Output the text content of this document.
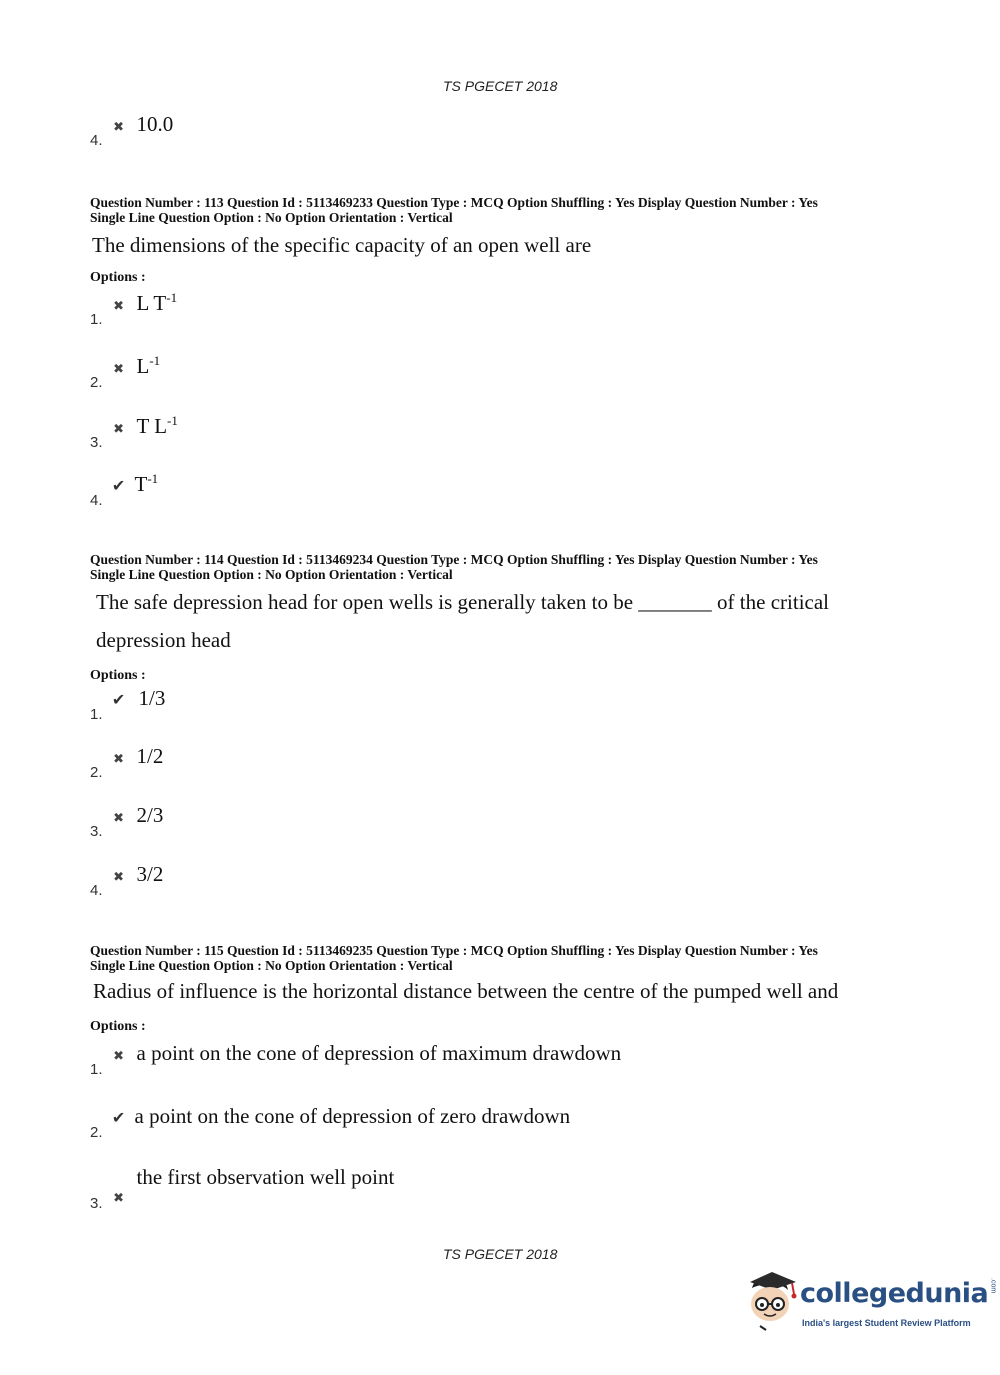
TS PGECET 2018
4. ✖ 10.0
Question Number : 113 Question Id : 5113469233 Question Type : MCQ Option Shuffling : Yes Display Question Number : Yes
Single Line Question Option : No Option Orientation : Vertical
The dimensions of the specific capacity of an open well are
Options :
1. ✖ L $T^{-1}$
2. ✖ $L^{-1}$
3. ✖ T $L^{-1}$
4. ✔ $T^{-1}$
Question Number : 114 Question Id : 5113469234 Question Type : MCQ Option Shuffling : Yes Display Question Number : Yes
Single Line Question Option : No Option Orientation : Vertical
The safe depression head for open wells is generally taken to be _______ of the critical
depression head
Options :
1. ✔ 1/3
2. ✖ 1/2
3. ✖ 2/3
4. ✖ 3/2
Question Number : 115 Question Id : 5113469235 Question Type : MCQ Option Shuffling : Yes Display Question Number : Yes
Single Line Question Option : No Option Orientation : Vertical
Radius of influence is the horizontal distance between the centre of the pumped well and
Options :
1. ✖ a point on the cone of depression of maximum drawdown
2. ✔ a point on the cone of depression of zero drawdown
3. ✖ the first observation well point
TS PGECET 2018
collegedunia.com
India's largest Student Review Platform
